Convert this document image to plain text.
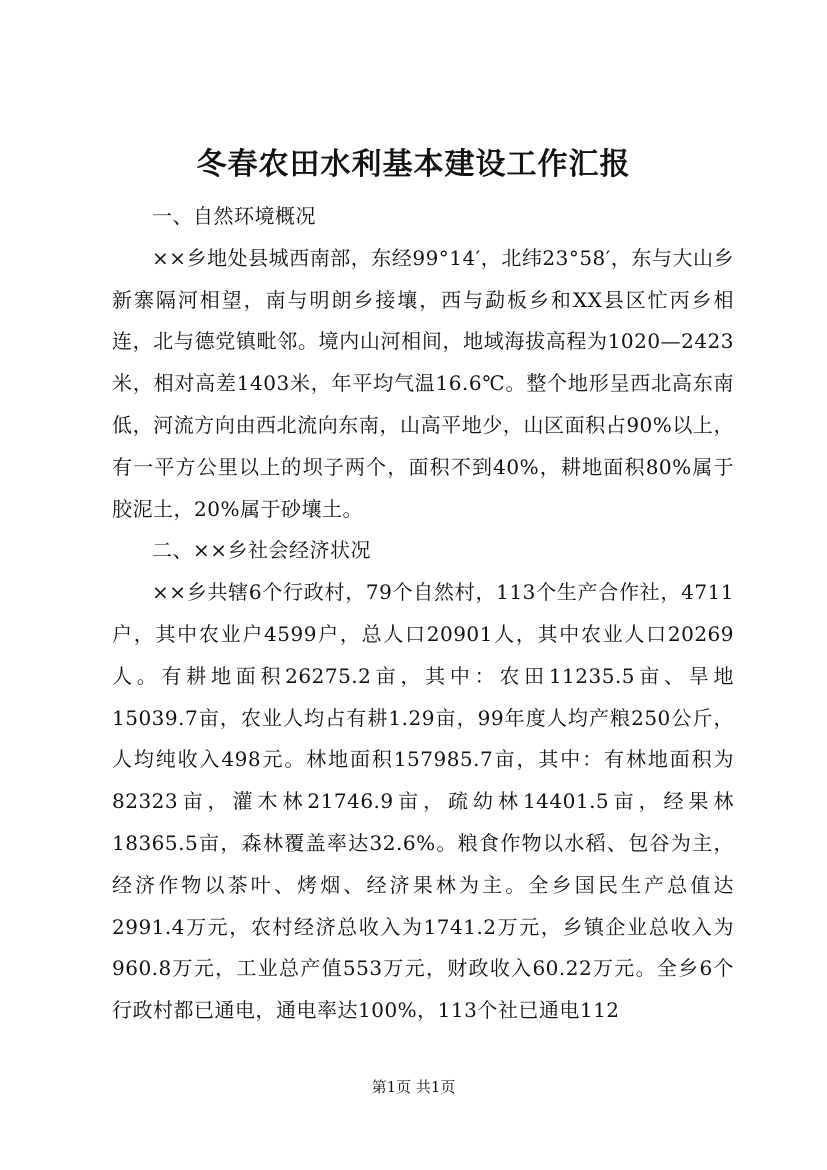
冬春农田水利基本建设工作汇报

一、自然环境概况

××乡地处县城西南部，东经99°14′，北纬23°58′，东与大山乡新寨隔河相望，南与明朗乡接壤，西与勐板乡和XX县区忙丙乡相连，北与德党镇毗邻。境内山河相间，地域海拔高程为1020—2423米，相对高差1403米，年平均气温16.6℃。整个地形呈西北高东南低，河流方向由西北流向东南，山高平地少，山区面积占90%以上，有一平方公里以上的坝子两个，面积不到40%，耕地面积80%属于胶泥土，20%属于砂壤土。

二、××乡社会经济状况

××乡共辖6个行政村，79个自然村，113个生产合作社，4711户，其中农业户4599户，总人口20901人，其中农业人口20269人。有耕地面积26275.2亩，其中：农田11235.5亩、旱地15039.7亩，农业人均占有耕1.29亩，99年度人均产粮250公斤，人均纯收入498元。林地面积157985.7亩，其中：有林地面积为82323亩，灌木林21746.9亩，疏幼林14401.5亩，经果林18365.5亩，森林覆盖率达32.6%。粮食作物以水稻、包谷为主，经济作物以茶叶、烤烟、经济果林为主。全乡国民生产总值达2991.4万元，农村经济总收入为1741.2万元，乡镇企业总收入为960.8万元，工业总产值553万元，财政收入60.22万元。全乡6个行政村都已通电，通电率达100%，113个社已通电112

第1页 共1页
